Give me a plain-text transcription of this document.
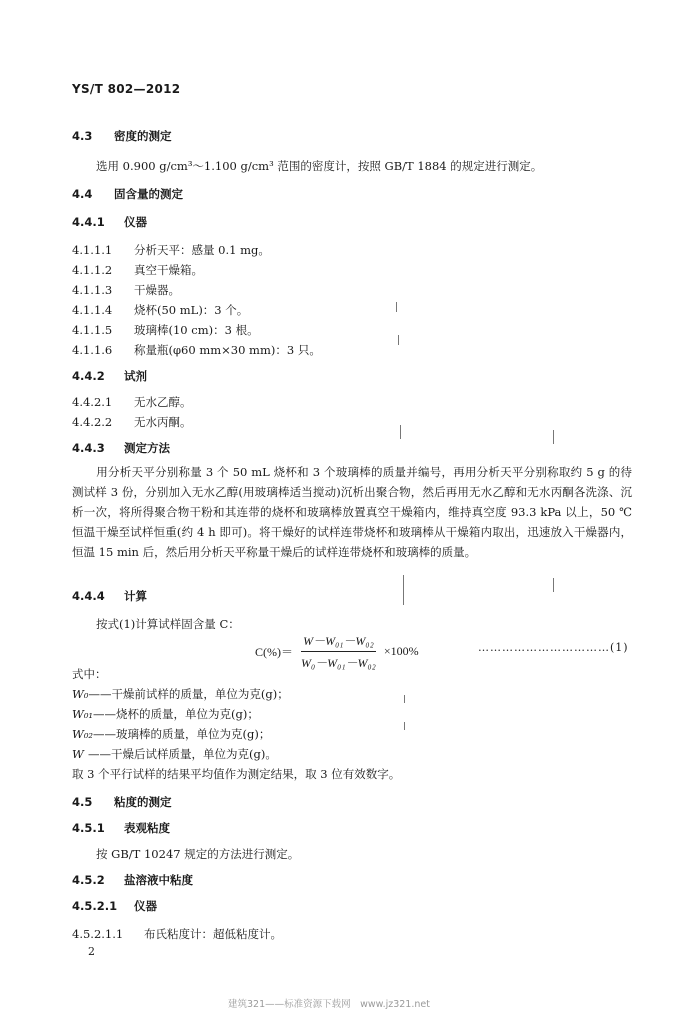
YS/T 802—2012
4.3 密度的测定
选用 0.900 g/cm³～1.100 g/cm³ 范围的密度计，按照 GB/T 1884 的规定进行测定。
4.4 固含量的测定
4.4.1 仪器
4.1.1.1 分析天平：感量 0.1 mg。
4.1.1.2 真空干燥箱。
4.1.1.3 干燥器。
4.1.1.4 烧杯(50 mL)：3 个。
4.1.1.5 玻璃棒(10 cm)：3 根。
4.1.1.6 称量瓶(φ60 mm×30 mm)：3 只。
4.4.2 试剂
4.4.2.1 无水乙醇。
4.4.2.2 无水丙酮。
4.4.3 测定方法
用分析天平分别称量 3 个 50 mL 烧杯和 3 个玻璃棒的质量并编号，再用分析天平分别称取约 5 g 的待测试样 3 份，分别加入无水乙醇(用玻璃棒适当搅动)沉析出聚合物，然后再用无水乙醇和无水丙酮各洗涤、沉析一次，将所得聚合物干粉和其连带的烧杯和玻璃棒放置真空干燥箱内，维持真空度 93.3 kPa 以上，50 ℃恒温干燥至试样恒重(约 4 h 即可)。将干燥好的试样连带烧杯和玻璃棒从干燥箱内取出，迅速放入干燥器内，恒温 15 min 后，然后用分析天平称量干燥后的试样连带烧杯和玻璃棒的质量。
4.4.4 计算
按式(1)计算试样固含量 C：
$C(\%)= \frac{\text{W－W₀₁－W₀₂}}{\text{W₀－W₀₁－W₀₂}} \times 100\%$	……………………………(1)
式中：
W₀——干燥前试样的质量，单位为克(g)；
W₀₁——烧杯的质量，单位为克(g)；
W₀₂——玻璃棒的质量，单位为克(g)；
W ——干燥后试样质量，单位为克(g)。
取 3 个平行试样的结果平均值作为测定结果，取 3 位有效数字。
4.5 粘度的测定
4.5.1 表观粘度
按 GB/T 10247 规定的方法进行测定。
4.5.2 盐溶液中粘度
4.5.2.1 仪器
4.5.2.1.1 布氏粘度计：超低粘度计。
2
建筑321——标准资源下载网　www.jz321.net
